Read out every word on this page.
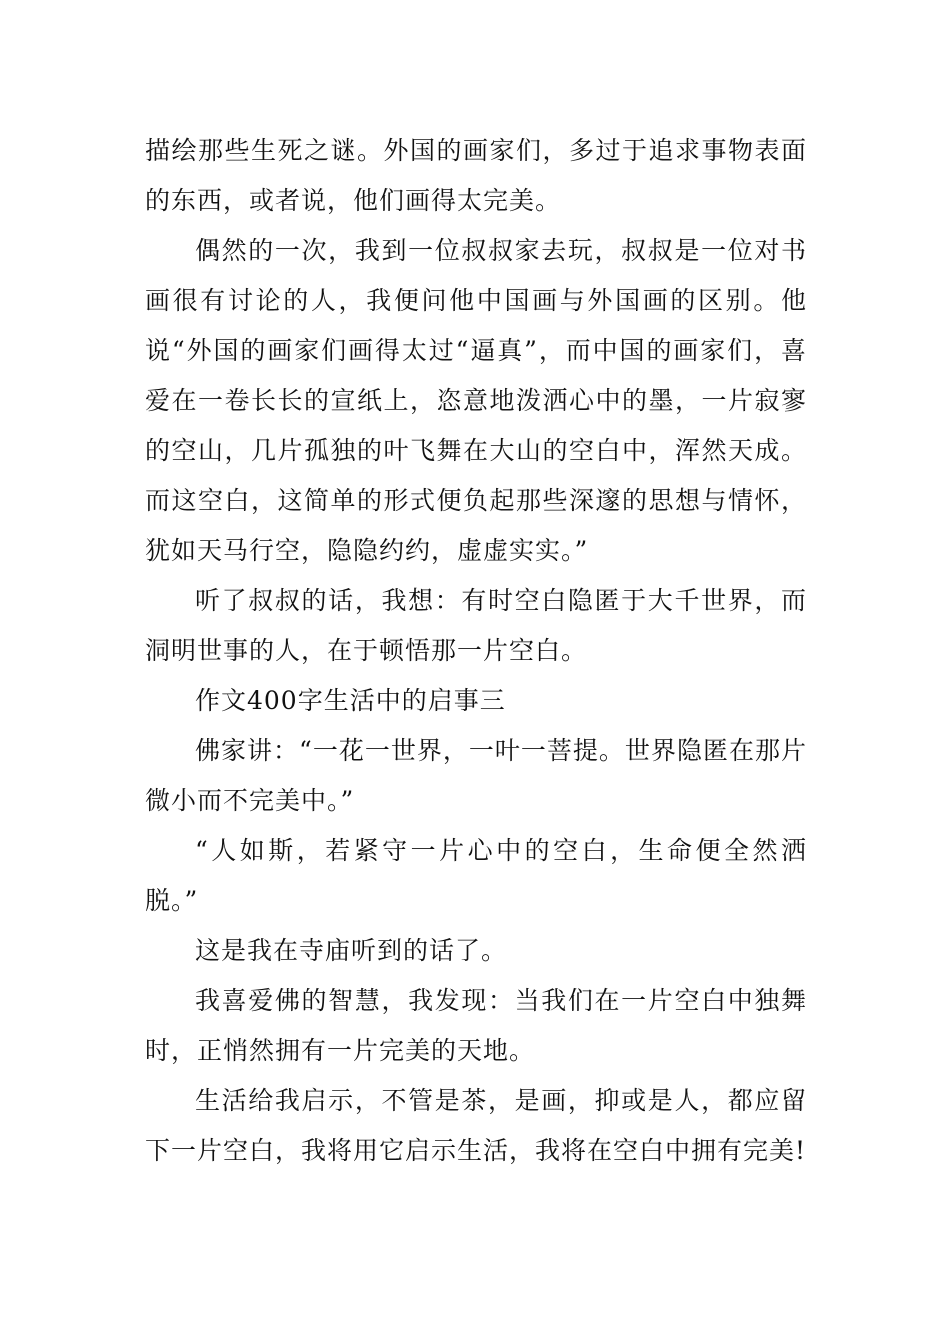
描绘那些生死之谜。外国的画家们，多过于追求事物表面的东西，或者说，他们画得太完美。

偶然的一次，我到一位叔叔家去玩，叔叔是一位对书画很有讨论的人，我便问他中国画与外国画的区别。他说“外国的画家们画得太过“逼真”，而中国的画家们，喜爱在一卷长长的宣纸上，恣意地泼洒心中的墨，一片寂寥的空山，几片孤独的叶飞舞在大山的空白中，浑然天成。而这空白，这简单的形式便负起那些深邃的思想与情怀，犹如天马行空，隐隐约约，虚虚实实。”

听了叔叔的话，我想：有时空白隐匿于大千世界，而洞明世事的人，在于顿悟那一片空白。

作文400字生活中的启事三

佛家讲：“一花一世界，一叶一菩提。世界隐匿在那片微小而不完美中。”

“人如斯，若紧守一片心中的空白，生命便全然洒脱。”

这是我在寺庙听到的话了。

我喜爱佛的智慧，我发现：当我们在一片空白中独舞时，正悄然拥有一片完美的天地。

生活给我启示，不管是茶，是画，抑或是人，都应留下一片空白，我将用它启示生活，我将在空白中拥有完美!
